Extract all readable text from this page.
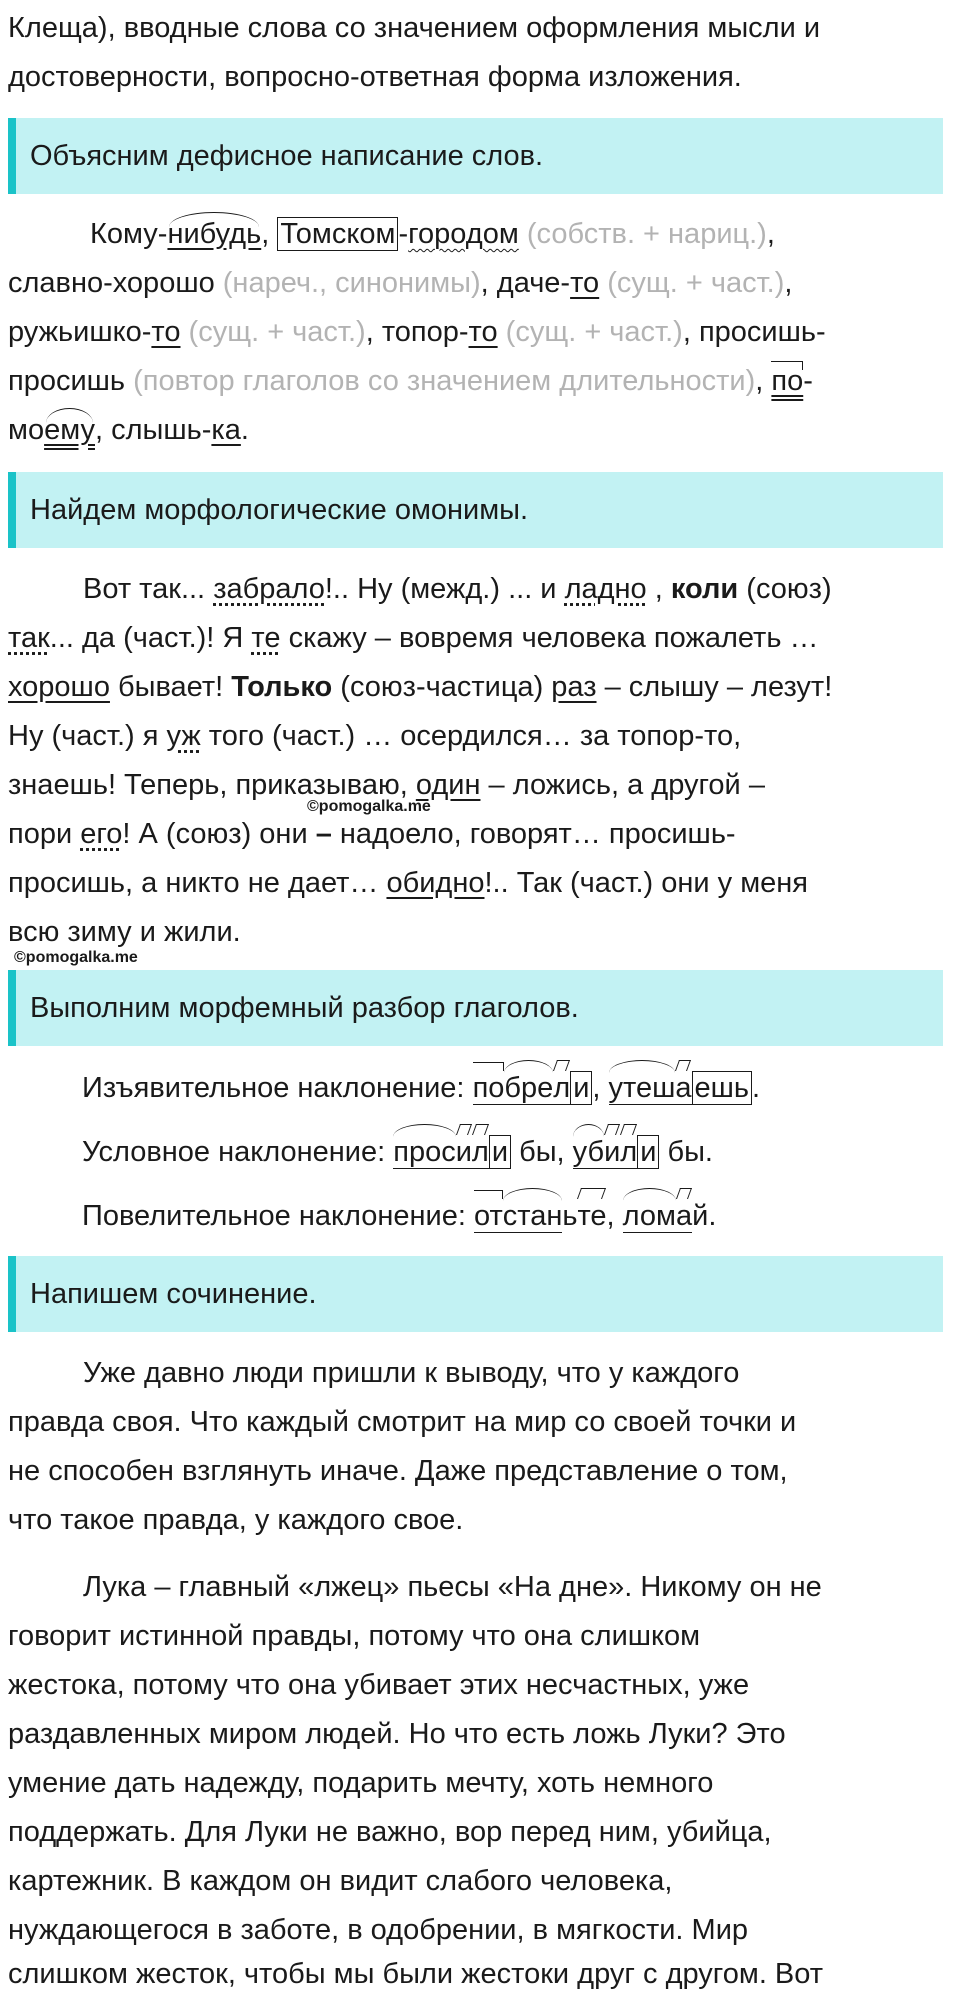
Клеща), вводные слова со значением оформления мысли и
достоверности, вопросно-ответная форма изложения.
Объясним дефисное написание слов.
Кому-нибудь, Томском -городом (собств. + нариц.),
славно-хорошо (нареч., синонимы), даче-то (сущ. + част.),
ружьишко-то (сущ. + част.), топор-то (сущ. + част.), просишь-
просишь (повтор глаголов со значением длительности), по-
моему, слышь-ка.
Найдем морфологические омонимы.
Вот так... забрало!.. Ну (межд.) ... и ладно , коли (союз)
так... да (част.)! Я те скажу – вовремя человека пожалеть …
хорошо бывает! Только (союз-частица) раз – слышу – лезут!
Ну (част.) я уж того (част.) … осердился… за топор-то,
знаешь! Теперь, приказываю, один – ложись, а другой –
©pomogalka.me
пори его! А (союз) они – надоело, говорят… просишь-
просишь, а никто не дает… обидно!.. Так (част.) они у меня
всю зиму и жили.
©pomogalka.me
Выполним морфемный разбор глаголов.
Изъявительное наклонение: побрел и , утеша ешь .
Условное наклонение: просил и бы, убил и бы.
Повелительное наклонение: отстаньте, ломай.
Напишем сочинение.
Уже давно люди пришли к выводу, что у каждого
правда своя. Что каждый смотрит на мир со своей точки и
не способен взглянуть иначе. Даже представление о том,
что такое правда, у каждого свое.
Лука – главный «лжец» пьесы «На дне». Никому он не
говорит истинной правды, потому что она слишком
жестока, потому что она убивает этих несчастных, уже
раздавленных миром людей. Но что есть ложь Луки? Это
умение дать надежду, подарить мечту, хоть немного
поддержать. Для Луки не важно, вор перед ним, убийца,
картежник. В каждом он видит слабого человека,
нуждающегося в заботе, в одобрении, в мягкости. Мир
слишком жесток, чтобы мы были жестоки друг с другом. Вот
